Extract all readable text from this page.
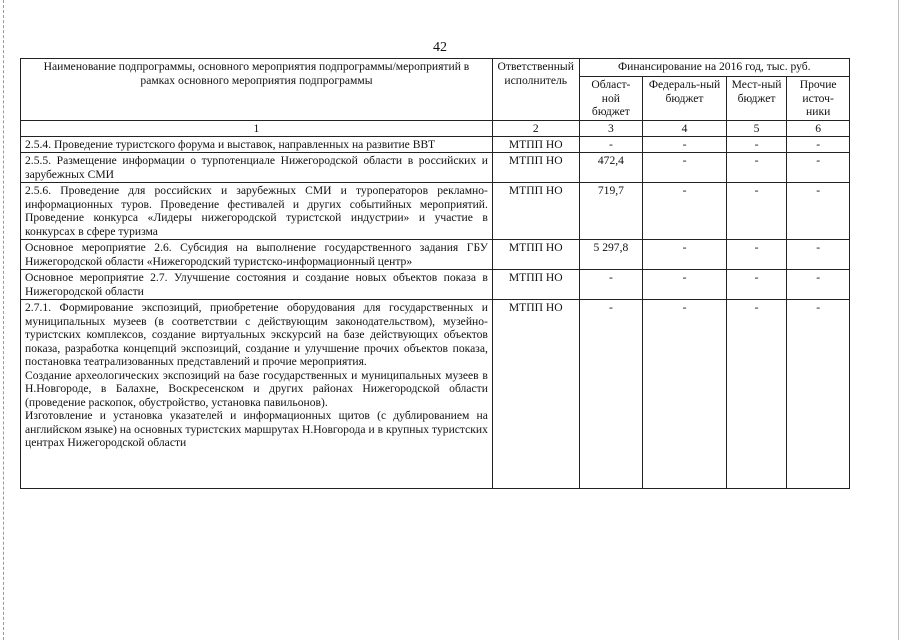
42
Наименование подпрограммы, основного мероприятия подпрограммы/мероприятий в рамках основного мероприятия подпрограммы	Ответственный исполнитель	Финансирование на 2016 год, тыс. руб.			
		Област-ной бюджет	Федераль-ный бюджет	Мест-ный бюджет	Прочие источ-ники
1	2	3	4	5	6
2.5.4. Проведение туристского форума и выставок, направленных на развитие ВВТ	МТПП НО	-	-	-	-
2.5.5. Размещение информации о турпотенциале Нижегородской области в российских и зарубежных СМИ	МТПП НО	472,4	-	-	-
2.5.6. Проведение для российских и зарубежных СМИ и туроператоров рекламно-информационных туров. Проведение фестивалей и других событийных мероприятий. Проведение конкурса «Лидеры нижегородской туристской индустрии» и участие в конкурсах в сфере туризма	МТПП НО	719,7	-	-	-
Основное мероприятие 2.6. Субсидия на выполнение государственного задания ГБУ Нижегородской области «Нижегородский туристско-информационный центр»	МТПП НО	5 297,8	-	-	-
Основное мероприятие 2.7. Улучшение состояния и создание новых объектов показа в Нижегородской области	МТПП НО	-	-	-	-

2.7.1. Формирование экспозиций, приобретение оборудования для государственных и муниципальных музеев (в соответствии с действующим законодательством), музейно-туристских комплексов, создание виртуальных экскурсий на базе действующих объектов показа, разработка концепций экспозиций, создание и улучшение прочих объектов показа, постановка театрализованных представлений и прочие мероприятия.
Создание археологических экспозиций на базе государственных и муниципальных музеев в Н.Новгороде, в Балахне, Воскресенском и других районах Нижегородской области (проведение раскопок, обустройство, установка павильонов).
Изготовление и установка указателей и информационных щитов (с дублированием на английском языке) на основных туристских маршрутах Н.Новгорода и в крупных туристских центрах Нижегородской области	МТПП НО	-	-	-	-
